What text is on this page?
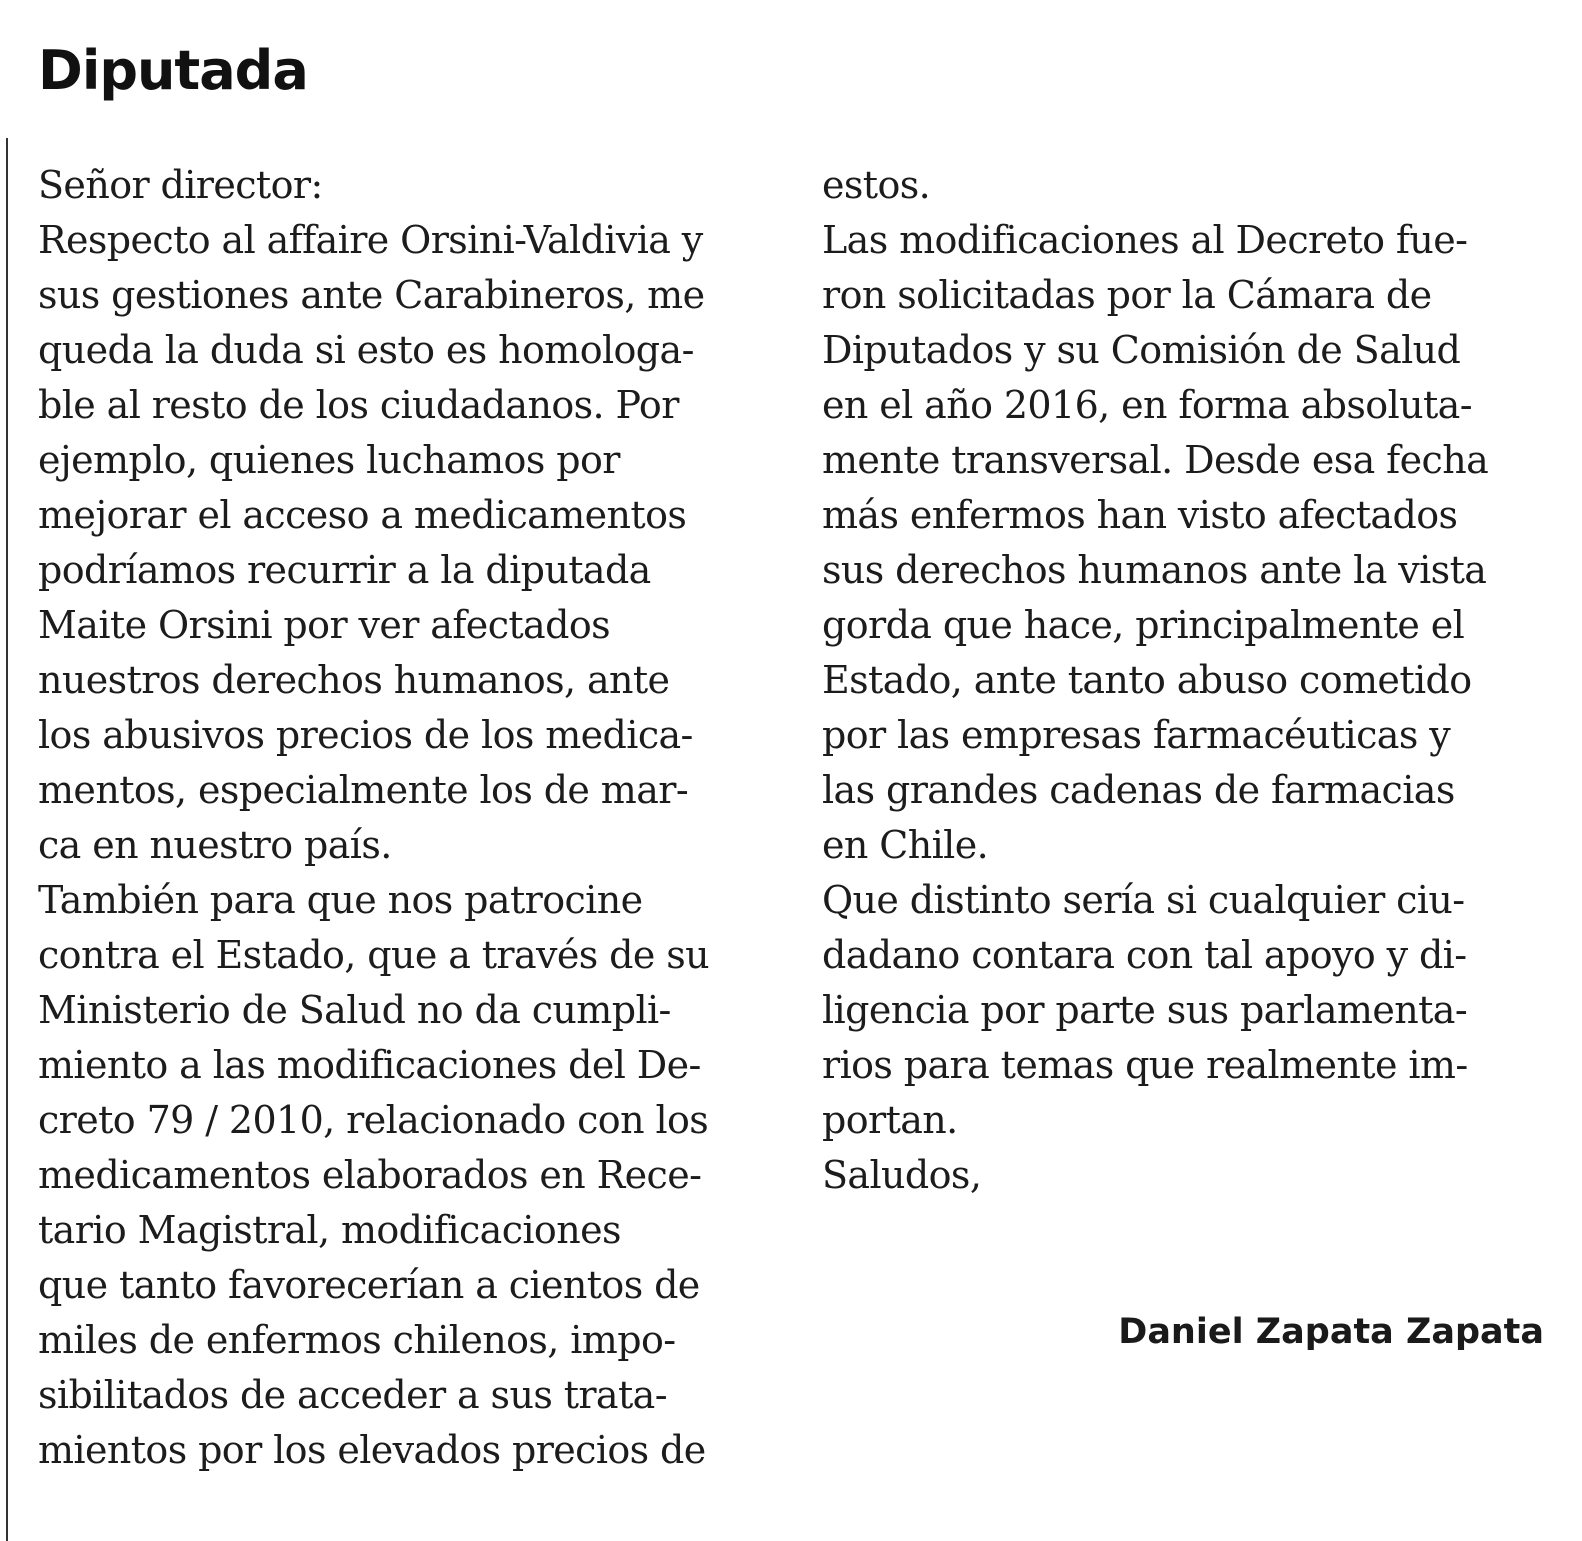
Diputada
Señor director:
Respecto al affaire Orsini-Valdivia y
sus gestiones ante Carabineros, me
queda la duda si esto es homologa-
ble al resto de los ciudadanos. Por
ejemplo, quienes luchamos por
mejorar el acceso a medicamentos
podríamos recurrir a la diputada
Maite Orsini por ver afectados
nuestros derechos humanos, ante
los abusivos precios de los medica-
mentos, especialmente los de mar-
ca en nuestro país.
También para que nos patrocine
contra el Estado, que a través de su
Ministerio de Salud no da cumpli-
miento a las modificaciones del De-
creto 79 / 2010, relacionado con los
medicamentos elaborados en Rece-
tario Magistral, modificaciones
que tanto favorecerían a cientos de
miles de enfermos chilenos, impo-
sibilitados de acceder a sus trata-
mientos por los elevados precios de
estos.
Las modificaciones al Decreto fue-
ron solicitadas por la Cámara de
Diputados y su Comisión de Salud
en el año 2016, en forma absoluta-
mente transversal. Desde esa fecha
más enfermos han visto afectados
sus derechos humanos ante la vista
gorda que hace, principalmente el
Estado, ante tanto abuso cometido
por las empresas farmacéuticas y
las grandes cadenas de farmacias
en Chile.
Que distinto sería si cualquier ciu-
dadano contara con tal apoyo y di-
ligencia por parte sus parlamenta-
rios para temas que realmente im-
portan.
Saludos,
Daniel Zapata Zapata
